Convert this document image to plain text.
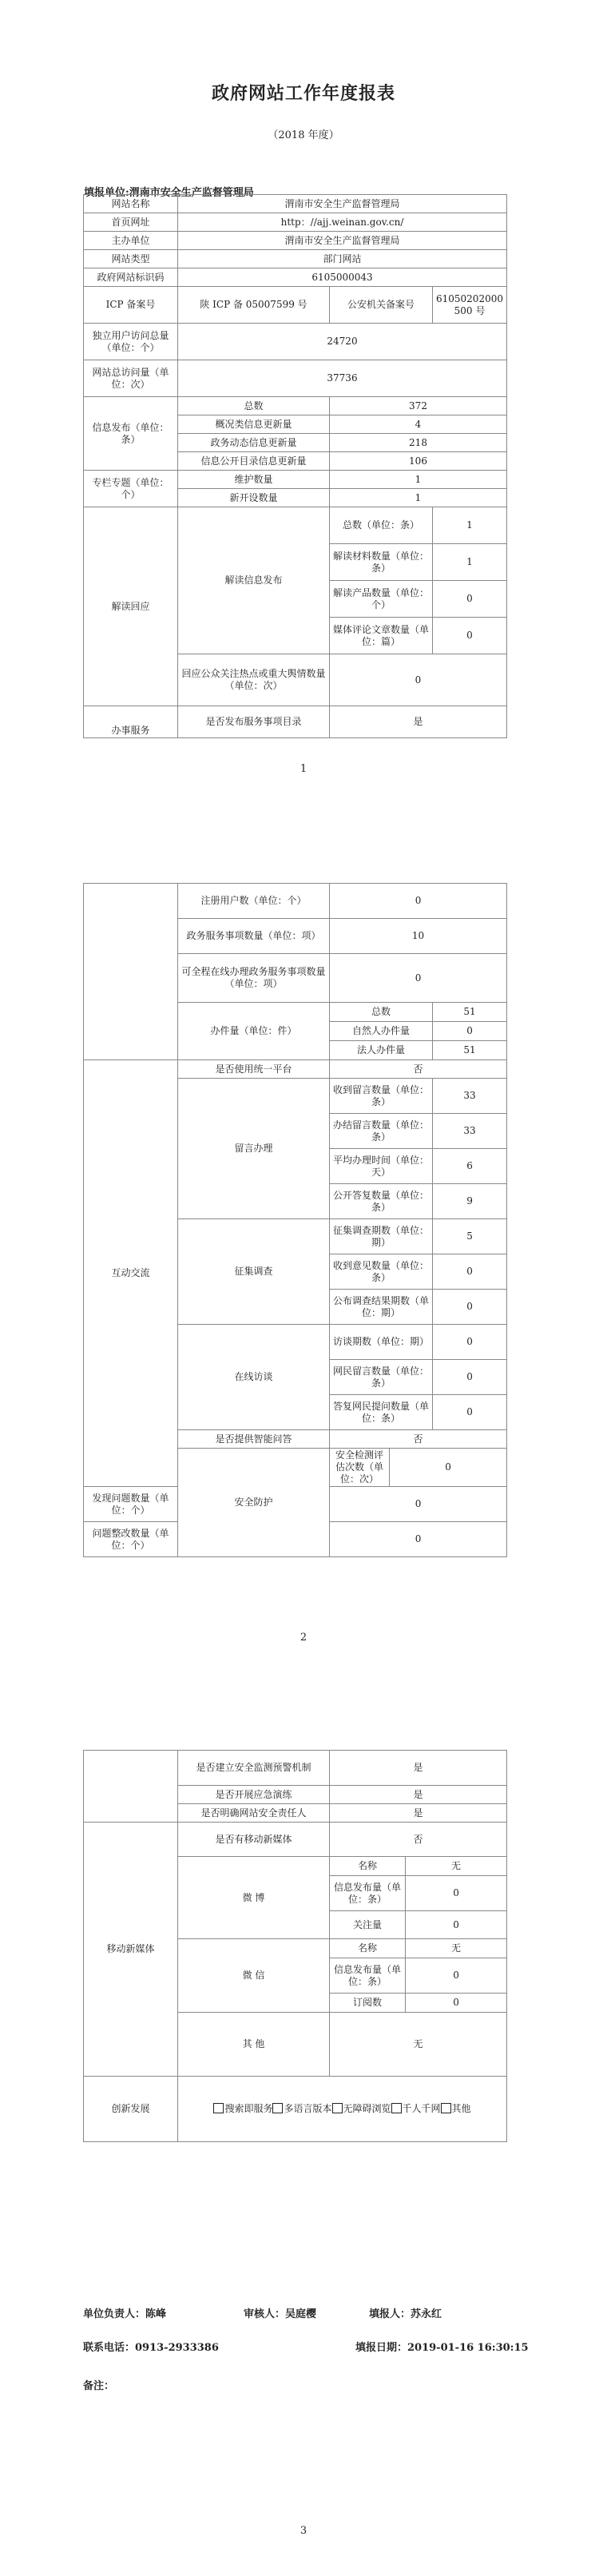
政府网站工作年度报表
（2018 年度）
填报单位:渭南市安全生产监督管理局
网站名称	渭南市安全生产监督管理局		
首页网址	http：//ajj.weinan.gov.cn/		
主办单位	渭南市安全生产监督管理局		
网站类型	部门网站		
政府网站标识码	6105000043		
ICP 备案号	陕 ICP 备 05007599 号	公安机关备案号	61050202000500 号
独立用户访问总量（单位：个）	24720		
网站总访问量（单位：次）	37736		
信息发布（单位：条）	总数	372	
	概况类信息更新量	4	
	政务动态信息更新量	218	
	信息公开目录信息更新量	106	
专栏专题（单位：个）	维护数量	1	
	新开设数量	1	
解读回应	解读信息发布	总数（单位：条）	1
		解读材料数量（单位：条）	1
		解读产品数量（单位：个）	0
		媒体评论文章数量（单位：篇）	0
	回应公众关注热点或重大舆情数量（单位：次）	0	
办事服务	是否发布服务事项目录	是	
1
	注册用户数（单位：个）	0		
	政务服务事项数量（单位：项）	10		
	可全程在线办理政务服务事项数量（单位：项）	0		
	办件量（单位：件）	总数		51
		自然人办件量		0
		法人办件量		51
互动交流	是否使用统一平台	否		
	留言办理	收到留言数量（单位：条）		33
		办结留言数量（单位：条）		33
		平均办理时间（单位：天）		6
		公开答复数量（单位：条）		9
	征集调查	征集调查期数（单位：期）		5
		收到意见数量（单位：条）		0
		公布调查结果期数（单位：期）		0
	在线访谈	访谈期数（单位：期）		0
		网民留言数量（单位：条）		0
		答复网民提问数量（单位：条）		0
	是否提供智能问答	否		
	安全防护	安全检测评估次数（单位：次）	0	
发现问题数量（单位：个）		0		
问题整改数量（单位：个）		0		
2
	是否建立安全监测预警机制	是	
	是否开展应急演练	是	
	是否明确网站安全责任人	是	
移动新媒体	是否有移动新媒体	否	
	微 博	名称	无
		信息发布量（单位：条）	0
		关注量	0
	微 信	名称	无
		信息发布量（单位：条）	0
		订阅数	0
	其 他	无	
创新发展	搜索即服务 多语言版本 无障碍浏览 千人千网 其他		
单位负责人：陈峰	审核人：吴庭樱	填报人：苏永红
联系电话：0913-2933386	填报日期：2019-01-16 16:30:15
备注：
3
